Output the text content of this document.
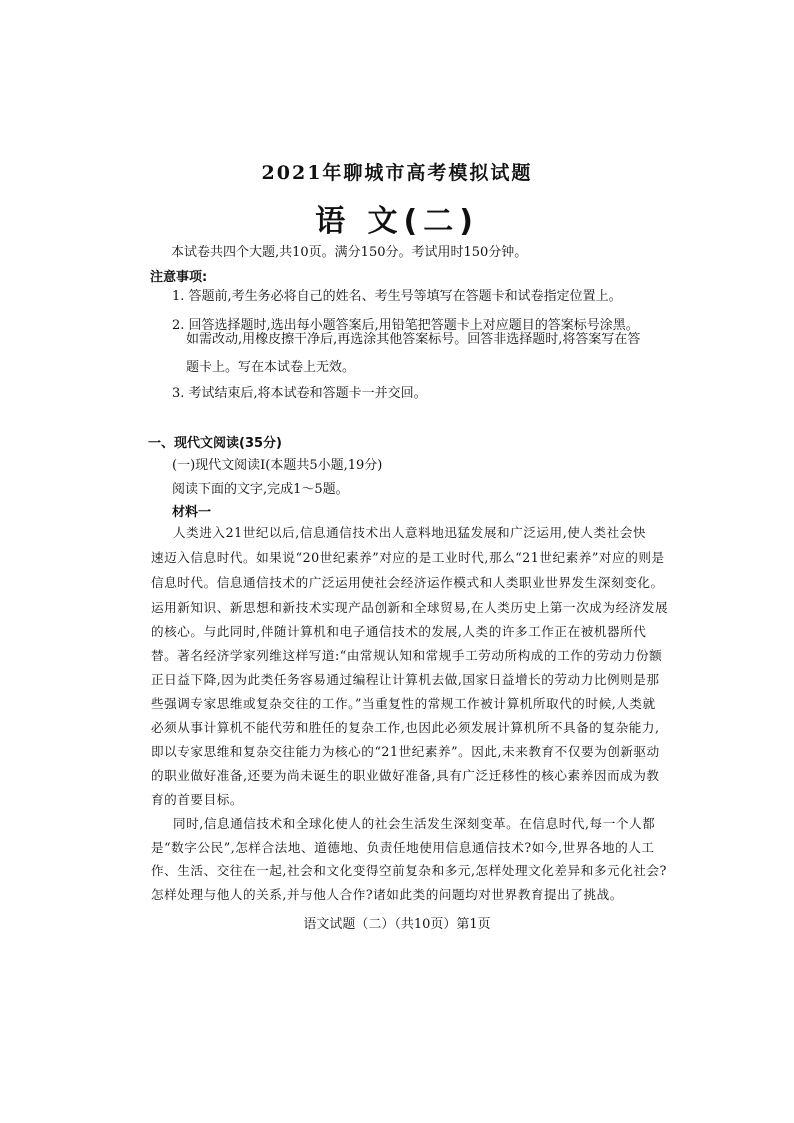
2021年聊城市高考模拟试题
语 文(二)
本试卷共四个大题,共10页。满分150分。考试用时150分钟。
注意事项:
1. 答题前,考生务必将自己的姓名、考生号等填写在答题卡和试卷指定位置上。
2. 回答选择题时,选出每小题答案后,用铅笔把答题卡上对应题目的答案标号涂黑。
如需改动,用橡皮擦干净后,再选涂其他答案标号。回答非选择题时,将答案写在答
题卡上。写在本试卷上无效。
3. 考试结束后,将本试卷和答题卡一并交回。
一、现代文阅读(35分)
(一)现代文阅读I(本题共5小题,19分)
阅读下面的文字,完成1～5题。
材料一
人类进入21世纪以后,信息通信技术出人意料地迅猛发展和广泛运用,使人类社会快
速迈入信息时代。如果说“20世纪素养”对应的是工业时代,那么“21世纪素养”对应的则是
信息时代。信息通信技术的广泛运用使社会经济运作模式和人类职业世界发生深刻变化。
运用新知识、新思想和新技术实现产品创新和全球贸易,在人类历史上第一次成为经济发展
的核心。与此同时,伴随计算机和电子通信技术的发展,人类的许多工作正在被机器所代
替。著名经济学家列维这样写道:“由常规认知和常规手工劳动所构成的工作的劳动力份额
正日益下降,因为此类任务容易通过编程让计算机去做,国家日益增长的劳动力比例则是那
些强调专家思维或复杂交往的工作。”当重复性的常规工作被计算机所取代的时候,人类就
必须从事计算机不能代劳和胜任的复杂工作,也因此必须发展计算机所不具备的复杂能力,
即以专家思维和复杂交往能力为核心的“21世纪素养”。因此,未来教育不仅要为创新驱动
的职业做好准备,还要为尚未诞生的职业做好准备,具有广泛迁移性的核心素养因而成为教
育的首要目标。
同时,信息通信技术和全球化使人的社会生活发生深刻变革。在信息时代,每一个人都
是“数字公民”,怎样合法地、道德地、负责任地使用信息通信技术?如今,世界各地的人工
作、生活、交往在一起,社会和文化变得空前复杂和多元,怎样处理文化差异和多元化社会?
怎样处理与他人的关系,并与他人合作?诸如此类的问题均对世界教育提出了挑战。
语文试题（二）（共10页）第1页
